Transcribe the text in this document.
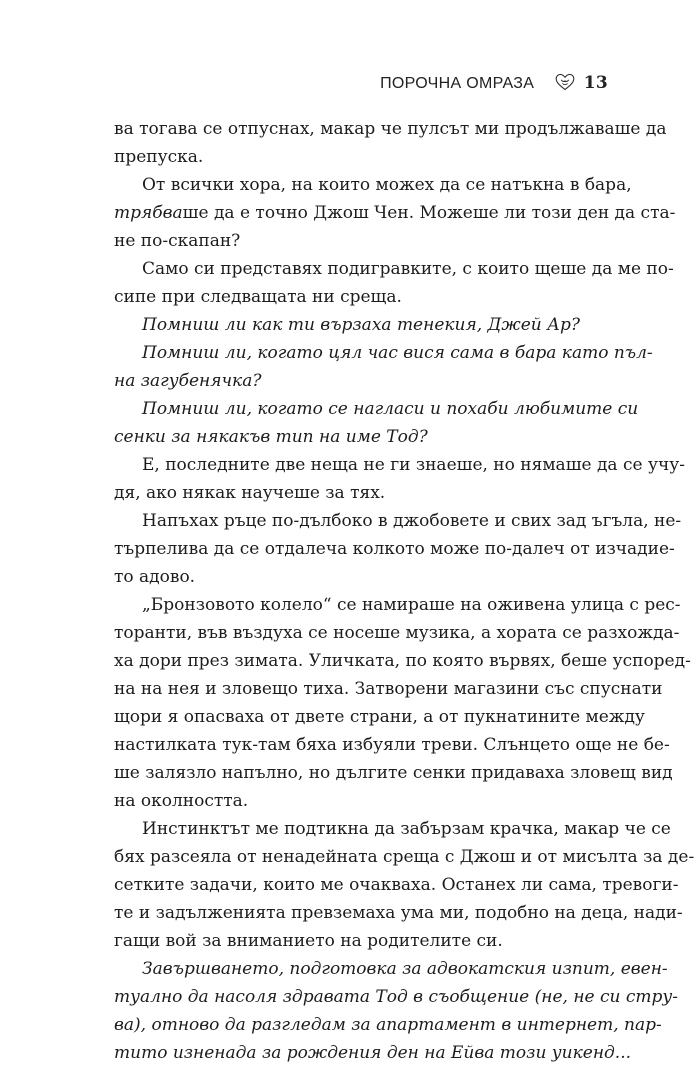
ПОРОЧНА ОМРАЗА	13

ва тогава се отпуснах, макар че пулсът ми продължаваше да

препуска.

От всички хора, на които можех да се натъкна в бара,

трябваше да е точно Джош Чен. Можеше ли този ден да ста-

не по-скапан?

Само си представях подигравките, с които щеше да ме по-

сипе при следващата ни среща.

Помниш ли как ти вързаха тенекия, Джей Ар?

Помниш ли, когато цял час вися сама в бара като пъл-

на загубенячка?

Помниш ли, когато се нагласи и похаби любимите си

сенки за някакъв тип на име Тод?

Е, последните две неща не ги знаеше, но нямаше да се учу-

дя, ако някак научеше за тях.

Напъхах ръце по-дълбоко в джобовете и свих зад ъгъла, не-

търпелива да се отдалеча колкото може по-далеч от изчадие-

то адово.

„Бронзовото колело“ се намираше на оживена улица с рес-

торанти, във въздуха се носеше музика, а хората се разхожда-

ха дори през зимата. Уличката, по която вървях, беше успоред-

на на нея и зловещо тиха. Затворени магазини със спуснати

щори я опасваха от двете страни, а от пукнатините между

настилката тук-там бяха избуяли треви. Слънцето още не бе-

ше залязло напълно, но дългите сенки придаваха зловещ вид

на околността.

Инстинктът ме подтикна да забързам крачка, макар че се

бях разсеяла от ненадейната среща с Джош и от мисълта за де-

сетките задачи, които ме очакваха. Останех ли сама, тревоги-

те и задълженията превземаха ума ми, подобно на деца, нади-

гащи вой за вниманието на родителите си.

Завършването, подготовка за адвокатския изпит, евен-

туално да насоля здравата Тод в съобщение (не, не си стру-

ва), отново да разгледам за апартамент в интернет, пар-

тито изненада за рождения ден на Ейва този уикенд...
